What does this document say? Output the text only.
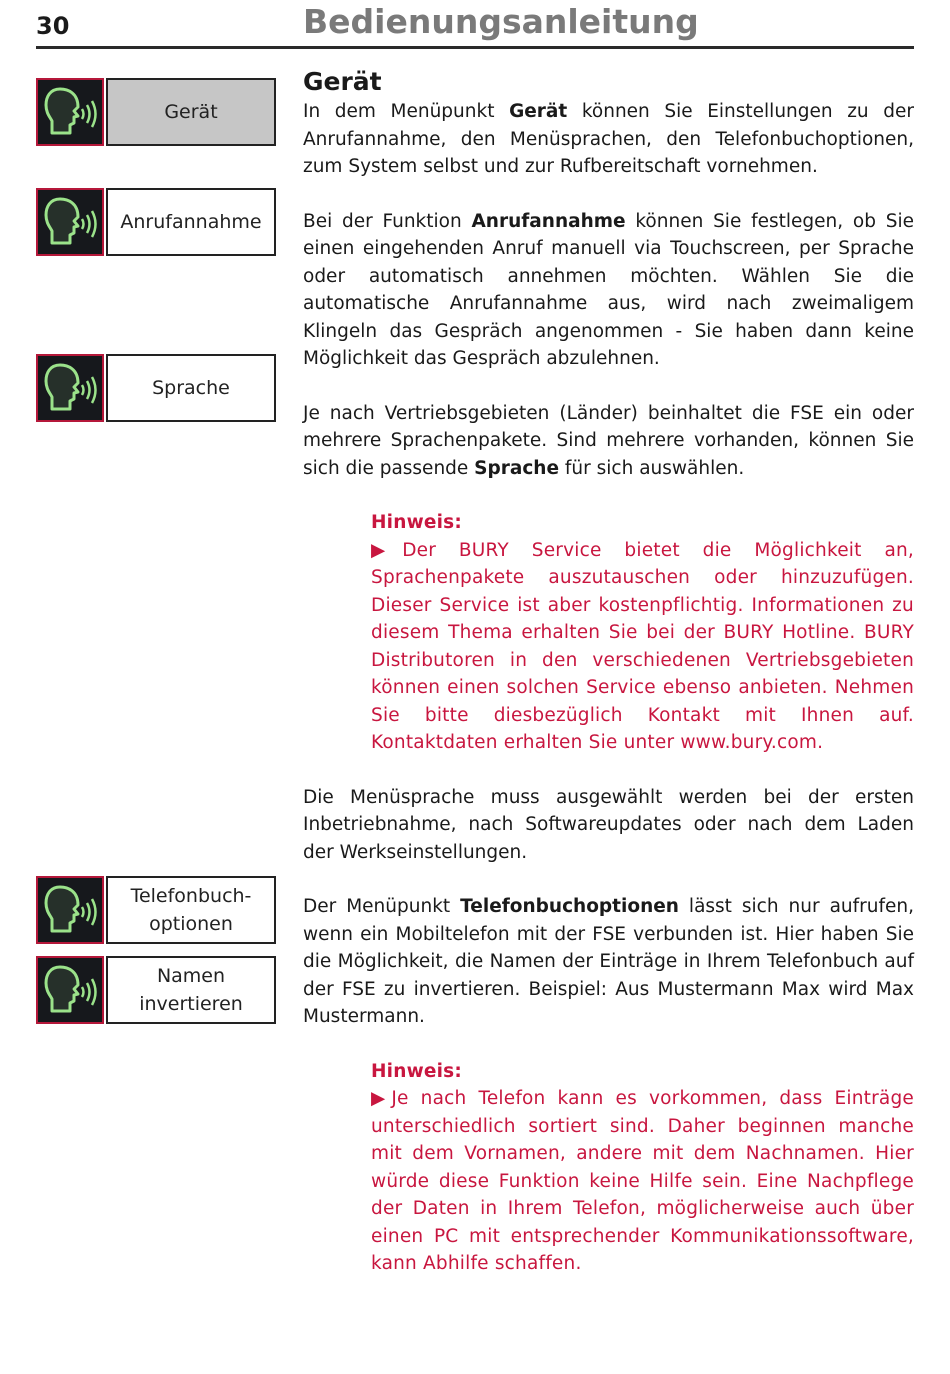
30	Bedienungsanleitung
Gerät
Anrufannahme
Sprache
Telefonbuch-
optionen
Namen invertieren
Gerät

In dem Menüpunkt Gerät können Sie Einstellungen zu der Anrufannahme, den Menüsprachen, den Telefonbuchoptionen, zum System selbst und zur Rufbereitschaft vornehmen.

Bei der Funktion Anrufannahme können Sie festlegen, ob Sie einen eingehenden Anruf manuell via Touchscreen, per Sprache oder automatisch annehmen möchten. Wählen Sie die automatische Anrufannahme aus, wird nach zweimaligem Klingeln das Gespräch angenommen - Sie haben dann keine Möglichkeit das Gespräch abzulehnen.

Je nach Vertriebsgebieten (Länder) beinhaltet die FSE ein oder mehrere Sprachenpakete. Sind mehrere vorhanden, können Sie sich die passende Sprache für sich auswählen.

Hinweis:

▶Der BURY Service bietet die Möglichkeit an, Sprachenpakete auszutauschen oder hinzuzufügen. Dieser Service ist aber kostenpflichtig. Informationen zu diesem Thema erhalten Sie bei der BURY Hotline. BURY Distributoren in den verschiedenen Vertriebsgebieten können einen solchen Service ebenso anbieten. Nehmen Sie bitte diesbezüglich Kontakt mit Ihnen auf. Kontaktdaten erhalten Sie unter www.bury.com.

Die Menüsprache muss ausgewählt werden bei der ersten Inbetriebnahme, nach Softwareupdates oder nach dem Laden der Werkseinstellungen.

Der Menüpunkt Telefonbuchoptionen lässt sich nur aufrufen, wenn ein Mobiltelefon mit der FSE verbunden ist. Hier haben Sie die Möglichkeit, die Namen der Einträge in Ihrem Telefonbuch auf der FSE zu invertieren. Beispiel: Aus Mustermann Max wird Max Mustermann.

Hinweis:

▶Je nach Telefon kann es vorkommen, dass Einträge unterschiedlich sortiert sind. Daher beginnen manche mit dem Vornamen, andere mit dem Nachnamen. Hier würde diese Funktion keine Hilfe sein. Eine Nachpflege der Daten in Ihrem Telefon, möglicherweise auch über einen PC mit entsprechender Kommunikationssoftware, kann Abhilfe schaffen.
